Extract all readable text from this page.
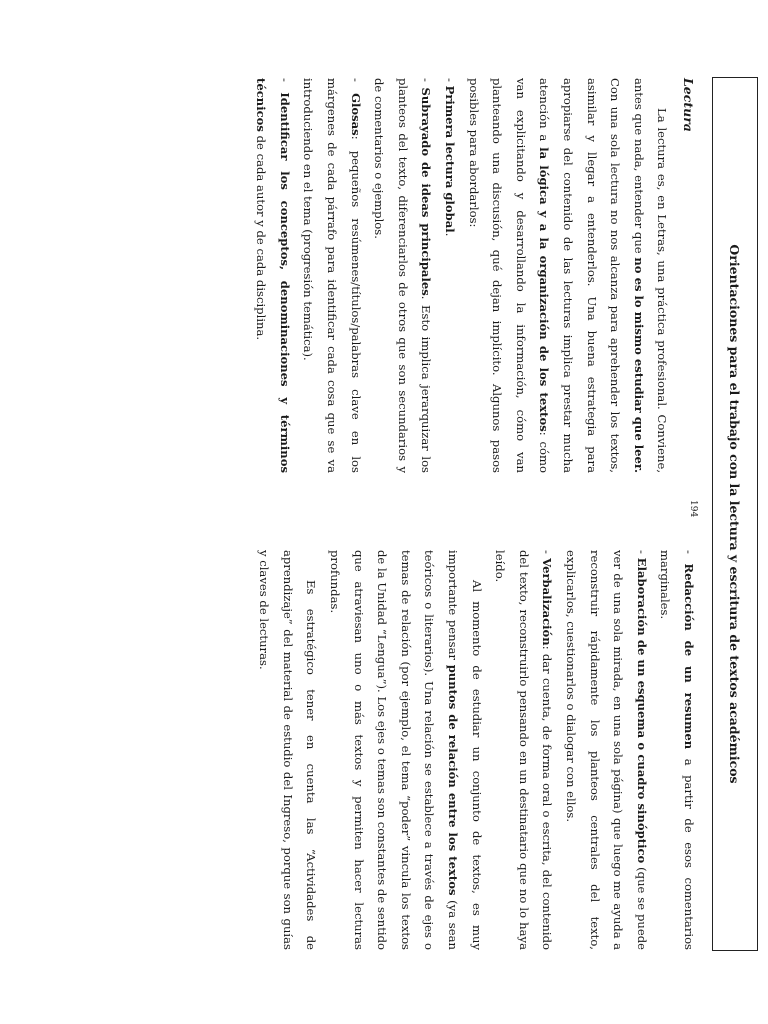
Orientaciones para el trabajo con la lectura y escritura de textos académicos

Lectura

La lectura es, en Letras, una práctica profesional. Conviene, antes que nada, entender que no es lo mismo estudiar que leer. Con una sola lectura no nos alcanza para aprehender los textos, asimilar y llegar a entenderlos. Una buena estrategia para apropiarse del contenido de las lecturas implica prestar mucha atención a la lógica y a la organización de los textos: cómo van explicitando y desarrollando la información, cómo van planteando una discusión, qué dejan implícito. Algunos pasos posibles para abordarlos:

- Primera lectura global.

- Subrayado de ideas principales. Esto implica jerarquizar los planteos del texto, diferenciarlos de otros que son secundarios y de comentarios o ejemplos.

- Glosas: pequeños resúmenes/títulos/palabras clave en los márgenes de cada párrafo para identificar cada cosa que se va introduciendo en el tema (progresión temática).

- Identificar los conceptos, denominaciones y términos técnicos de cada autor y de cada disciplina.

- Redacción de un resumen a partir de esos comentarios marginales.

- Elaboración de un esquema o cuadro sinóptico (que se puede ver de una sola mirada, en una sola página) que luego me ayuda a reconstruir rápidamente los planteos centrales del texto, explicarlos, cuestionarlos o dialogar con ellos.

- Verbalización: dar cuenta, de forma oral o escrita, del contenido del texto, reconstruirlo pensando en un destinatario que no lo haya leído.

Al momento de estudiar un conjunto de textos, es muy importante pensar puntos de relación entre los textos (ya sean teóricos o literarios). Una relación se establece a través de ejes o temas de relación (por ejemplo, el tema “poder” vincula los textos de la Unidad “Lengua”). Los ejes o temas son constantes de sentido que atraviesan uno o más textos y permiten hacer lecturas profundas.

Es estratégico tener en cuenta las “Actividades de aprendizaje” del material de estudio del Ingreso, porque son guías y claves de lecturas.

194
